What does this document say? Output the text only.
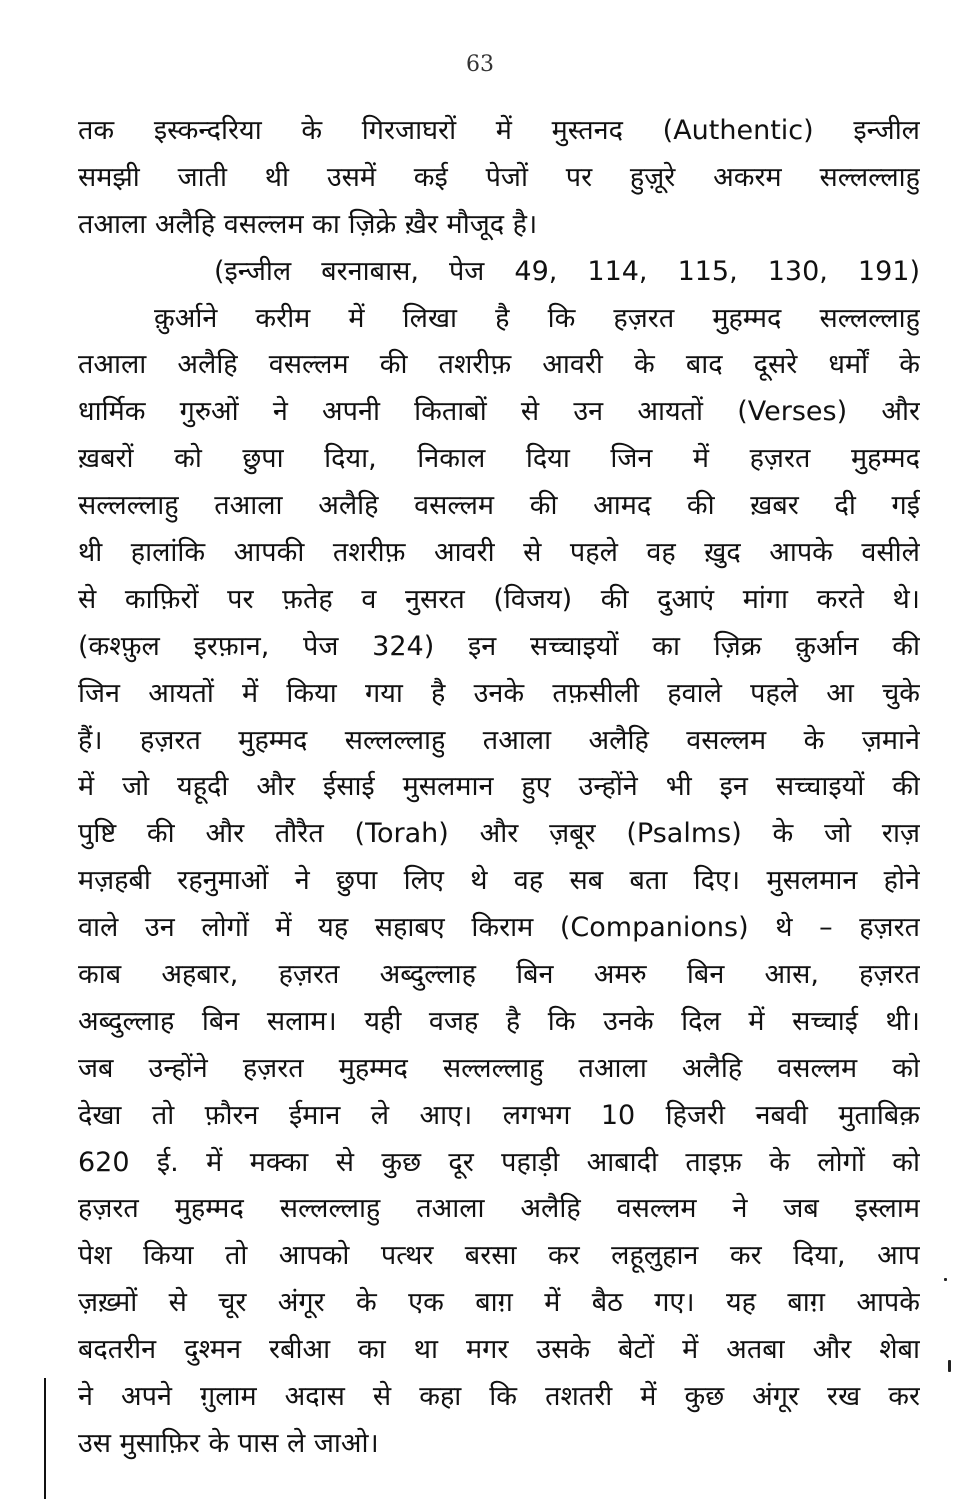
63
तक इस्कन्दरिया के गिरजाघरों में मुस्तनद (Authentic) इन्जील
समझी जाती थी उसमें कई पेजों पर हुज़ूरे अकरम सल्लल्लाहु
तआला अलैहि वसल्लम का ज़िक्रे ख़ैर मौजूद है।
(इन्जील बरनाबास, पेज 49, 114, 115, 130, 191)
क़ुर्आने करीम में लिखा है कि हज़रत मुहम्मद सल्लल्लाहु
तआला अलैहि वसल्लम की तशरीफ़ आवरी के बाद दूसरे धर्मों के
धार्मिक गुरुओं ने अपनी किताबों से उन आयतों (Verses) और
ख़बरों को छुपा दिया, निकाल दिया जिन में हज़रत मुहम्मद
सल्लल्लाहु तआला अलैहि वसल्लम की आमद की ख़बर दी गई
थी हालांकि आपकी तशरीफ़ आवरी से पहले वह ख़ुद आपके वसीले
से काफ़िरों पर फ़तेह व नुसरत (विजय) की दुआएं मांगा करते थे।
(कश्फ़ुल इरफ़ान, पेज 324) इन सच्चाइयों का ज़िक्र क़ुर्आन की
जिन आयतों में किया गया है उनके तफ़सीली हवाले पहले आ चुके
हैं। हज़रत मुहम्मद सल्लल्लाहु तआला अलैहि वसल्लम के ज़माने
में जो यहूदी और ईसाई मुसलमान हुए उन्होंने भी इन सच्चाइयों की
पुष्टि की और तौरैत (Torah) और ज़बूर (Psalms) के जो राज़
मज़हबी रहनुमाओं ने छुपा लिए थे वह सब बता दिए। मुसलमान होने
वाले उन लोगों में यह सहाबए किराम (Companions) थे – हज़रत
काब अहबार, हज़रत अब्दुल्लाह बिन अमरु बिन आस, हज़रत
अब्दुल्लाह बिन सलाम। यही वजह है कि उनके दिल में सच्चाई थी।
जब उन्होंने हज़रत मुहम्मद सल्लल्लाहु तआला अलैहि वसल्लम को
देखा तो फ़ौरन ईमान ले आए। लगभग 10 हिजरी नबवी मुताबिक़
620 ई. में मक्का से कुछ दूर पहाड़ी आबादी ताइफ़ के लोगों को
हज़रत मुहम्मद सल्लल्लाहु तआला अलैहि वसल्लम ने जब इस्लाम
पेश किया तो आपको पत्थर बरसा कर लहूलुहान कर दिया, आप
ज़ख़्मों से चूर अंगूर के एक बाग़ में बैठ गए। यह बाग़ आपके
बदतरीन दुश्मन रबीआ का था मगर उसके बेटों में अतबा और शेबा
ने अपने ग़ुलाम अदास से कहा कि तशतरी में कुछ अंगूर रख कर
उस मुसाफ़िर के पास ले जाओ।
